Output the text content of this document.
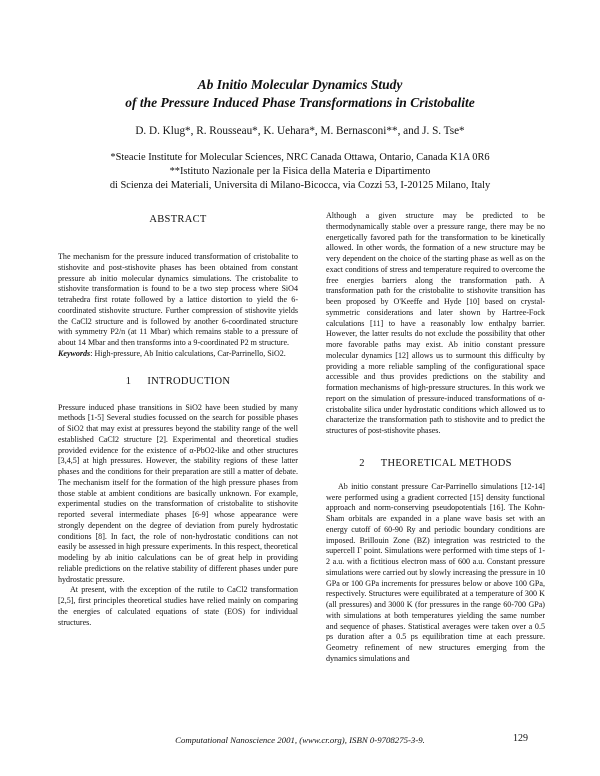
Ab Initio Molecular Dynamics Study
of the Pressure Induced Phase Transformations in Cristobalite
D. D. Klug*, R. Rousseau*, K. Uehara*, M. Bernasconi**, and J. S. Tse*
*Steacie Institute for Molecular Sciences, NRC Canada Ottawa, Ontario, Canada K1A 0R6
**Istituto Nazionale per la Fisica della Materia e Dipartimento
di Scienza dei Materiali, Universita di Milano-Bicocca, via Cozzi 53, I-20125 Milano, Italy
ABSTRACT

The mechanism for the pressure induced transformation of cristobalite to stishovite and post-stishovite phases has been obtained from constant pressure ab initio molecular dynamics simulations. The cristobalite to stishovite transformation is found to be a two step process where SiO4 tetrahedra first rotate followed by a lattice distortion to yield the 6-coordinated stishovite structure. Further compression of stishovite yields the CaCl2 structure and is followed by another 6-coordinated structure with symmetry P2/n (at 11 Mbar) which remains stable to a pressure of about 14 Mbar and then transforms into a 9-coordinated P2 m structure.

Keywords: High-pressure, Ab Initio calculations, Car-Parrinello, SiO2.

1 INTRODUCTION

Pressure induced phase transitions in SiO2 have been studied by many methods [1-5] Several studies focussed on the search for possible phases of SiO2 that may exist at pressures beyond the stability range of the well established CaCl2 structure [2]. Experimental and theoretical studies provided evidence for the existence of α-PbO2-like and other structures [3,4,5] at high pressures. However, the stability regions of these latter phases and the conditions for their preparation are still a matter of debate. The mechanism itself for the formation of the high pressure phases from those stable at ambient conditions are basically unknown. For example, experimental studies on the transformation of cristobalite to stishovite reported several intermediate phases [6-9] whose appearance were strongly dependent on the degree of deviation from purely hydrostatic conditions [8]. In fact, the role of non-hydrostatic conditions can not easily be assessed in high pressure experiments. In this respect, theoretical modeling by ab initio calculations can be of great help in providing reliable predictions on the relative stability of different phases under pure hydrostatic pressure.

At present, with the exception of the rutile to CaCl2 transformation [2,5], first principles theoretical studies have relied mainly on comparing the energies of calculated equations of state (EOS) for individual structures.

Although a given structure may be predicted to be thermodynamically stable over a pressure range, there may be no energetically favored path for the transformation to be kinetically allowed. In other words, the formation of a new structure may be very dependent on the choice of the starting phase as well as on the exact conditions of stress and temperature required to overcome the free energies barriers along the transformation path. A transformation path for the cristobalite to stishovite transition has been proposed by O'Keeffe and Hyde [10] based on crystal-symmetric considerations and later shown by Hartree-Fock calculations [11] to have a reasonably low enthalpy barrier. However, the latter results do not exclude the possibility that other more favorable paths may exist. Ab initio constant pressure molecular dynamics [12] allows us to surmount this difficulty by providing a more reliable sampling of the configurational space accessible and thus provides predictions on the stability and formation mechanisms of high-pressure structures. In this work we report on the simulation of pressure-induced transformations of α-cristobalite silica under hydrostatic conditions which allowed us to characterize the transformation path to stishovite and to predict the structures of post-stishovite phases.

2 THEORETICAL METHODS

Ab initio constant pressure Car-Parrinello simulations [12-14] were performed using a gradient corrected [15] density functional approach and norm-conserving pseudopotentials [16]. The Kohn-Sham orbitals are expanded in a plane wave basis set with an energy cutoff of 60-90 Ry and periodic boundary conditions are imposed. Brillouin Zone (BZ) integration was restricted to the supercell Γ point. Simulations were performed with time steps of 1-2 a.u. with a fictitious electron mass of 600 a.u. Constant pressure simulations were carried out by slowly increasing the pressure in 10 GPa or 100 GPa increments for pressures below or above 100 GPa, respectively. Structures were equilibrated at a temperature of 300 K (all pressures) and 3000 K (for pressures in the range 60-700 GPa) with simulations at both temperatures yielding the same number and sequence of phases. Statistical averages were taken over a 0.5 ps duration after a 0.5 ps equilibration time at each pressure. Geometry refinement of new structures emerging from the dynamics simulations and

Computational Nanoscience 2001, (www.cr.org), ISBN 0-9708275-3-9.	129
